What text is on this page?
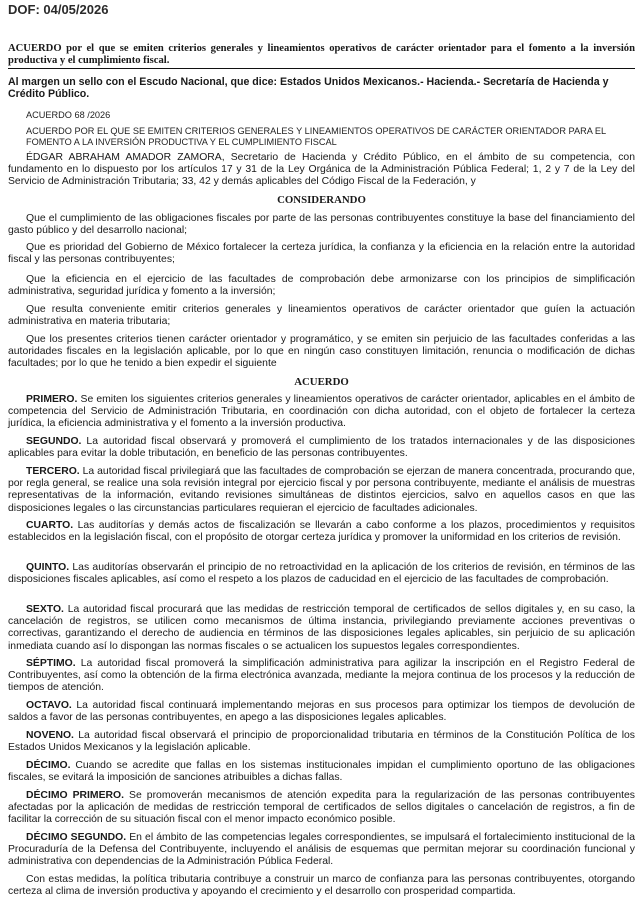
DOF: 04/05/2026
ACUERDO por el que se emiten criterios generales y lineamientos operativos de carácter orientador para el fomento a la inversión productiva y el cumplimiento fiscal.
Al margen un sello con el Escudo Nacional, que dice: Estados Unidos Mexicanos.- Hacienda.- Secretaría de Hacienda y Crédito Público.
ACUERDO 68 /2026
ACUERDO POR EL QUE SE EMITEN CRITERIOS GENERALES Y LINEAMIENTOS OPERATIVOS DE CARÁCTER ORIENTADOR PARA EL FOMENTO A LA INVERSIÓN PRODUCTIVA Y EL CUMPLIMIENTO FISCAL
ÉDGAR ABRAHAM AMADOR ZAMORA, Secretario de Hacienda y Crédito Público, en el ámbito de su competencia, con fundamento en lo dispuesto por los artículos 17 y 31 de la Ley Orgánica de la Administración Pública Federal; 1, 2 y 7 de la Ley del Servicio de Administración Tributaria; 33, 42 y demás aplicables del Código Fiscal de la Federación, y
CONSIDERANDO
Que el cumplimiento de las obligaciones fiscales por parte de las personas contribuyentes constituye la base del financiamiento del gasto público y del desarrollo nacional;
Que es prioridad del Gobierno de México fortalecer la certeza jurídica, la confianza y la eficiencia en la relación entre la autoridad fiscal y las personas contribuyentes;
Que la eficiencia en el ejercicio de las facultades de comprobación debe armonizarse con los principios de simplificación administrativa, seguridad jurídica y fomento a la inversión;
Que resulta conveniente emitir criterios generales y lineamientos operativos de carácter orientador que guíen la actuación administrativa en materia tributaria;
Que los presentes criterios tienen carácter orientador y programático, y se emiten sin perjuicio de las facultades conferidas a las autoridades fiscales en la legislación aplicable, por lo que en ningún caso constituyen limitación, renuncia o modificación de dichas facultades; por lo que he tenido a bien expedir el siguiente
ACUERDO
PRIMERO. Se emiten los siguientes criterios generales y lineamientos operativos de carácter orientador, aplicables en el ámbito de competencia del Servicio de Administración Tributaria, en coordinación con dicha autoridad, con el objeto de fortalecer la certeza jurídica, la eficiencia administrativa y el fomento a la inversión productiva.
SEGUNDO. La autoridad fiscal observará y promoverá el cumplimiento de los tratados internacionales y de las disposiciones aplicables para evitar la doble tributación, en beneficio de las personas contribuyentes.
TERCERO. La autoridad fiscal privilegiará que las facultades de comprobación se ejerzan de manera concentrada, procurando que, por regla general, se realice una sola revisión integral por ejercicio fiscal y por persona contribuyente, mediante el análisis de muestras representativas de la información, evitando revisiones simultáneas de distintos ejercicios, salvo en aquellos casos en que las disposiciones legales o las circunstancias particulares requieran el ejercicio de facultades adicionales.
CUARTO. Las auditorías y demás actos de fiscalización se llevarán a cabo conforme a los plazos, procedimientos y requisitos establecidos en la legislación fiscal, con el propósito de otorgar certeza jurídica y promover la uniformidad en los criterios de revisión.
QUINTO. Las auditorías observarán el principio de no retroactividad en la aplicación de los criterios de revisión, en términos de las disposiciones fiscales aplicables, así como el respeto a los plazos de caducidad en el ejercicio de las facultades de comprobación.
SEXTO. La autoridad fiscal procurará que las medidas de restricción temporal de certificados de sellos digitales y, en su caso, la cancelación de registros, se utilicen como mecanismos de última instancia, privilegiando previamente acciones preventivas o correctivas, garantizando el derecho de audiencia en términos de las disposiciones legales aplicables, sin perjuicio de su aplicación inmediata cuando así lo dispongan las normas fiscales o se actualicen los supuestos legales correspondientes.
SÉPTIMO. La autoridad fiscal promoverá la simplificación administrativa para agilizar la inscripción en el Registro Federal de Contribuyentes, así como la obtención de la firma electrónica avanzada, mediante la mejora continua de los procesos y la reducción de tiempos de atención.
OCTAVO. La autoridad fiscal continuará implementando mejoras en sus procesos para optimizar los tiempos de devolución de saldos a favor de las personas contribuyentes, en apego a las disposiciones legales aplicables.
NOVENO. La autoridad fiscal observará el principio de proporcionalidad tributaria en términos de la Constitución Política de los Estados Unidos Mexicanos y la legislación aplicable.
DÉCIMO. Cuando se acredite que fallas en los sistemas institucionales impidan el cumplimiento oportuno de las obligaciones fiscales, se evitará la imposición de sanciones atribuibles a dichas fallas.
DÉCIMO PRIMERO. Se promoverán mecanismos de atención expedita para la regularización de las personas contribuyentes afectadas por la aplicación de medidas de restricción temporal de certificados de sellos digitales o cancelación de registros, a fin de facilitar la corrección de su situación fiscal con el menor impacto económico posible.
DÉCIMO SEGUNDO. En el ámbito de las competencias legales correspondientes, se impulsará el fortalecimiento institucional de la Procuraduría de la Defensa del Contribuyente, incluyendo el análisis de esquemas que permitan mejorar su coordinación funcional y administrativa con dependencias de la Administración Pública Federal.
Con estas medidas, la política tributaria contribuye a construir un marco de confianza para las personas contribuyentes, otorgando certeza al clima de inversión productiva y apoyando el crecimiento y el desarrollo con prosperidad compartida.
